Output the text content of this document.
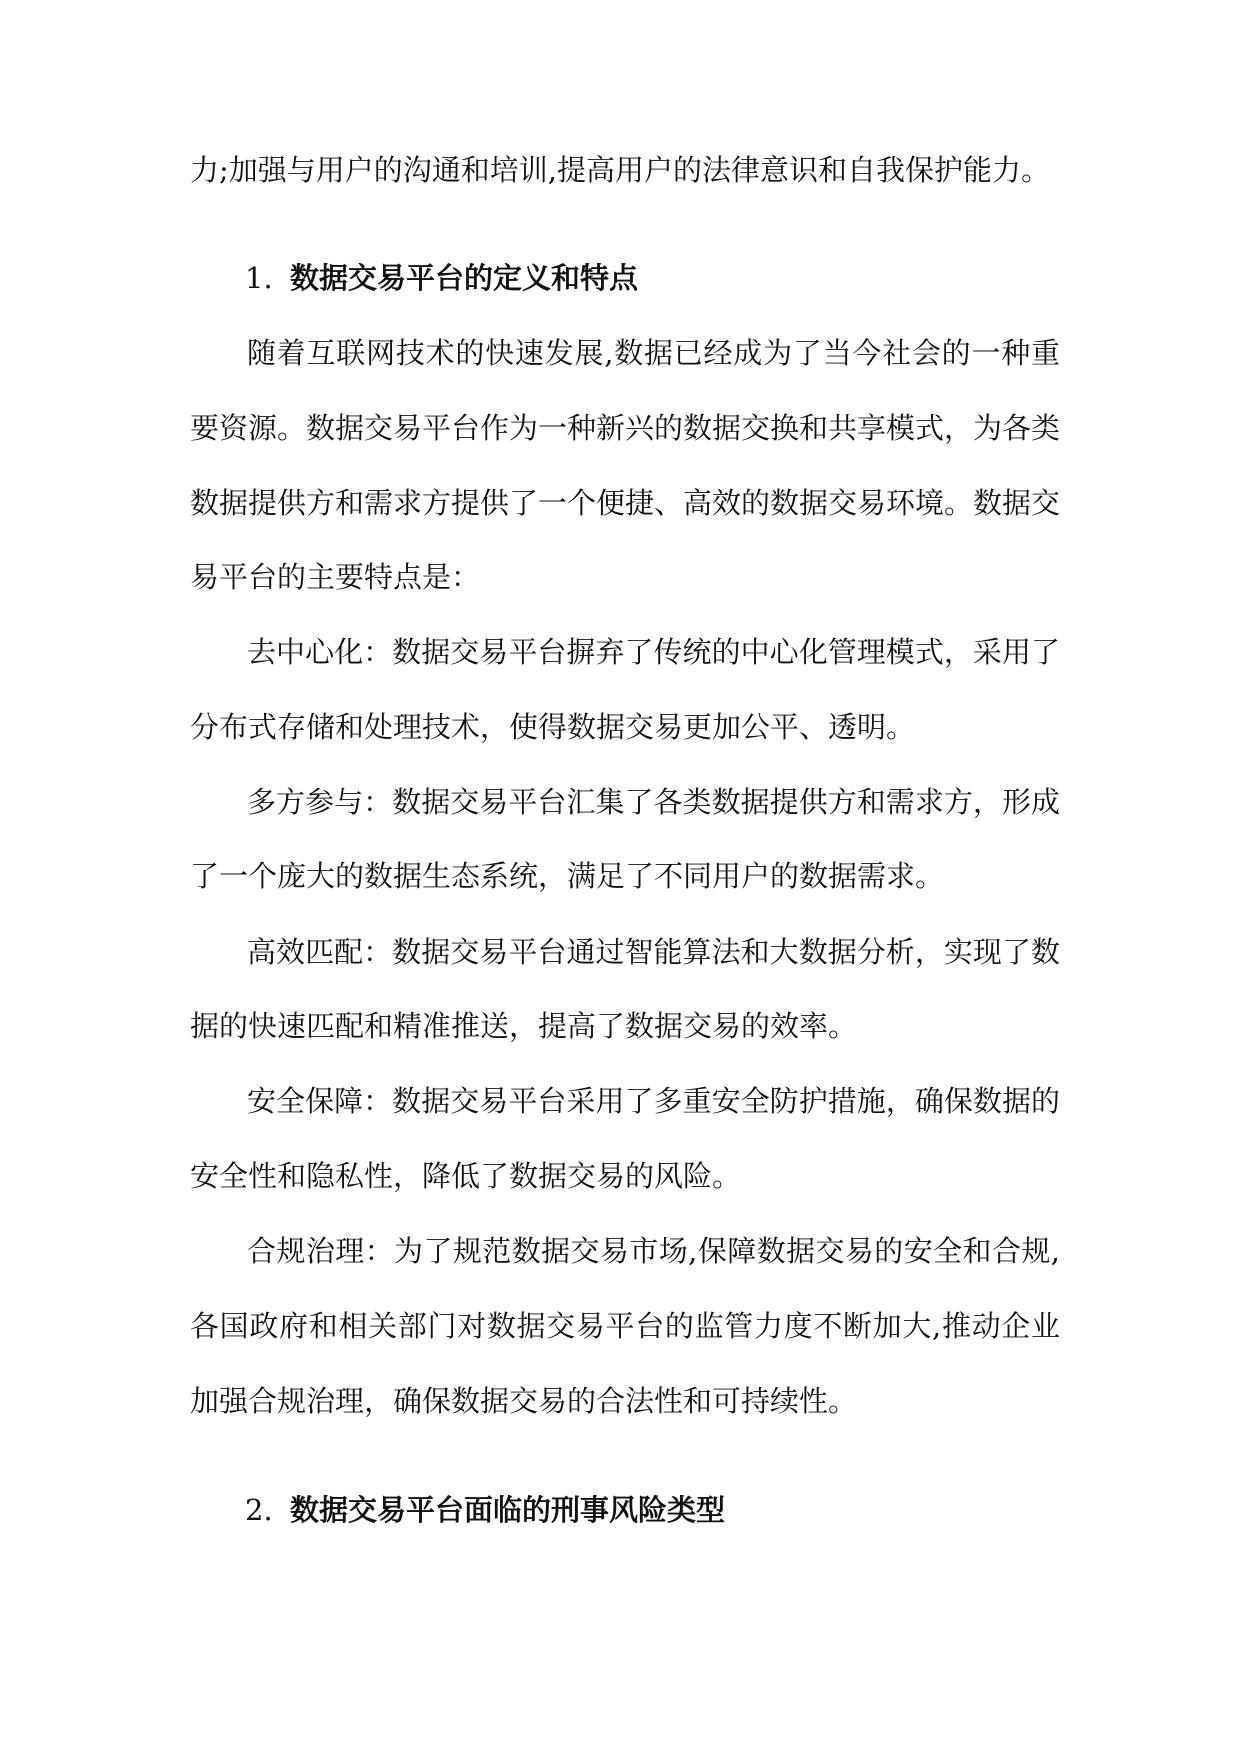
力;加强与用户的沟通和培训,提高用户的法律意识和自我保护能力。
1. 数据交易平台的定义和特点
随着互联网技术的快速发展,数据已经成为了当今社会的一种重
要资源。数据交易平台作为一种新兴的数据交换和共享模式，为各类
数据提供方和需求方提供了一个便捷、高效的数据交易环境。数据交
易平台的主要特点是：
去中心化：数据交易平台摒弃了传统的中心化管理模式，采用了
分布式存储和处理技术，使得数据交易更加公平、透明。
多方参与：数据交易平台汇集了各类数据提供方和需求方，形成
了一个庞大的数据生态系统，满足了不同用户的数据需求。
高效匹配：数据交易平台通过智能算法和大数据分析，实现了数
据的快速匹配和精准推送，提高了数据交易的效率。
安全保障：数据交易平台采用了多重安全防护措施，确保数据的
安全性和隐私性，降低了数据交易的风险。
合规治理：为了规范数据交易市场,保障数据交易的安全和合规,
各国政府和相关部门对数据交易平台的监管力度不断加大,推动企业
加强合规治理，确保数据交易的合法性和可持续性。
2. 数据交易平台面临的刑事风险类型
